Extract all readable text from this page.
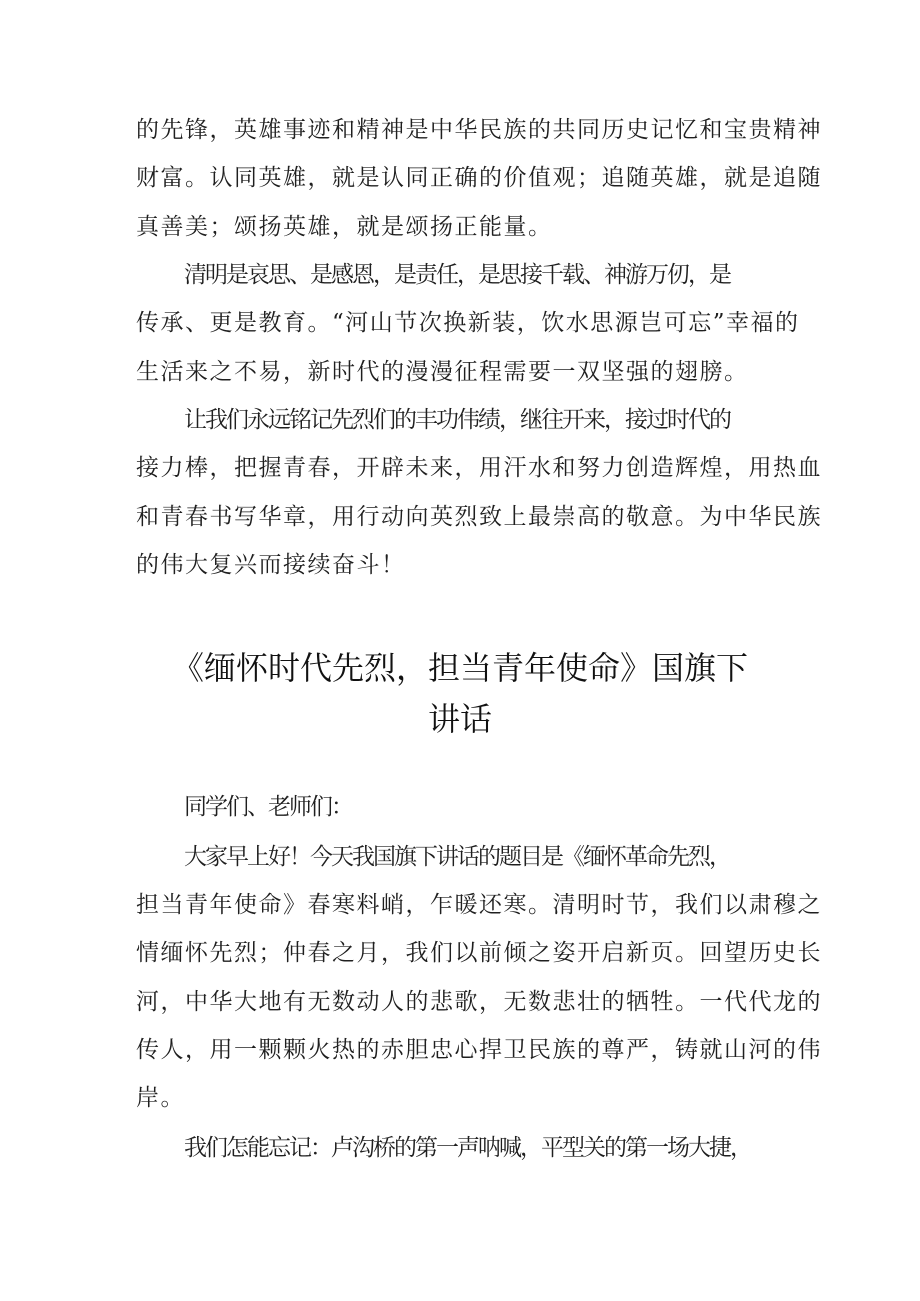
的先锋，英雄事迹和精神是中华民族的共同历史记忆和宝贵精神
财富。认同英雄，就是认同正确的价值观；追随英雄，就是追随
真善美；颂扬英雄，就是颂扬正能量。
清明是哀思、是感恩，是责任，是思接千载、神游万仞，是
传承、更是教育。“河山节次换新装，饮水思源岂可忘”幸福的
生活来之不易，新时代的漫漫征程需要一双坚强的翅膀。
让我们永远铭记先烈们的丰功伟绩，继往开来，接过时代的
接力棒，把握青春，开辟未来，用汗水和努力创造辉煌，用热血
和青春书写华章，用行动向英烈致上最崇高的敬意。为中华民族
的伟大复兴而接续奋斗！
《缅怀时代先烈，担当青年使命》国旗下
讲话
同学们、老师们：
大家早上好！今天我国旗下讲话的题目是《缅怀革命先烈，
担当青年使命》春寒料峭，乍暖还寒。清明时节，我们以肃穆之
情缅怀先烈；仲春之月，我们以前倾之姿开启新页。回望历史长
河，中华大地有无数动人的悲歌，无数悲壮的牺牲。一代代龙的
传人，用一颗颗火热的赤胆忠心捍卫民族的尊严，铸就山河的伟
岸。
我们怎能忘记：卢沟桥的第一声呐喊，平型关的第一场大捷，
